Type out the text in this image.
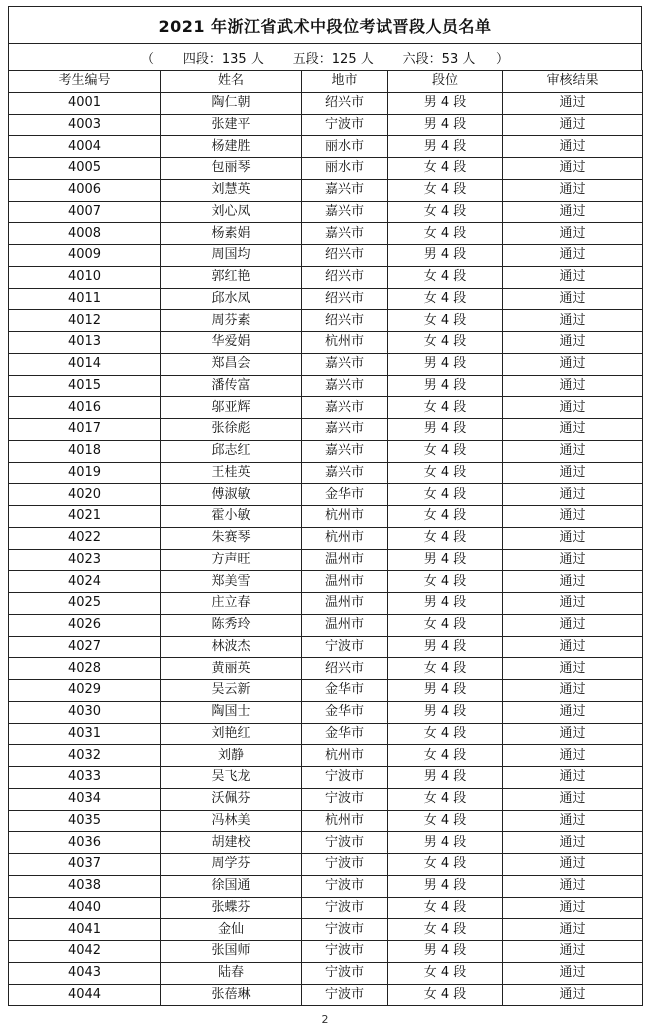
2021 年浙江省武术中段位考试晋段人员名单
（
四段：135 人
五段：125 人
六段：53 人
）
考生编号	姓名	地市	段位	审核结果
4001	陶仁朝	绍兴市	男 4 段	通过
4003	张建平	宁波市	男 4 段	通过
4004	杨建胜	丽水市	男 4 段	通过
4005	包丽琴	丽水市	女 4 段	通过
4006	刘慧英	嘉兴市	女 4 段	通过
4007	刘心凤	嘉兴市	女 4 段	通过
4008	杨素娟	嘉兴市	女 4 段	通过
4009	周国均	绍兴市	男 4 段	通过
4010	郭红艳	绍兴市	女 4 段	通过
4011	邱水凤	绍兴市	女 4 段	通过
4012	周芬素	绍兴市	女 4 段	通过
4013	华爱娟	杭州市	女 4 段	通过
4014	郑昌会	嘉兴市	男 4 段	通过
4015	潘传富	嘉兴市	男 4 段	通过
4016	邬亚辉	嘉兴市	女 4 段	通过
4017	张徐彪	嘉兴市	男 4 段	通过
4018	邱志红	嘉兴市	女 4 段	通过
4019	王桂英	嘉兴市	女 4 段	通过
4020	傅淑敏	金华市	女 4 段	通过
4021	霍小敏	杭州市	女 4 段	通过
4022	朱赛琴	杭州市	女 4 段	通过
4023	方声旺	温州市	男 4 段	通过
4024	郑美雪	温州市	女 4 段	通过
4025	庄立春	温州市	男 4 段	通过
4026	陈秀玲	温州市	女 4 段	通过
4027	林波杰	宁波市	男 4 段	通过
4028	黄丽英	绍兴市	女 4 段	通过
4029	吴云新	金华市	男 4 段	通过
4030	陶国士	金华市	男 4 段	通过
4031	刘艳红	金华市	女 4 段	通过
4032	刘静	杭州市	女 4 段	通过
4033	吴飞龙	宁波市	男 4 段	通过
4034	沃佩芬	宁波市	女 4 段	通过
4035	冯林美	杭州市	女 4 段	通过
4036	胡建校	宁波市	男 4 段	通过
4037	周学芬	宁波市	女 4 段	通过
4038	徐国通	宁波市	男 4 段	通过
4040	张蝶芬	宁波市	女 4 段	通过
4041	金仙	宁波市	女 4 段	通过
4042	张国师	宁波市	男 4 段	通过
4043	陆春	宁波市	女 4 段	通过
4044	张蓓琳	宁波市	女 4 段	通过
2
